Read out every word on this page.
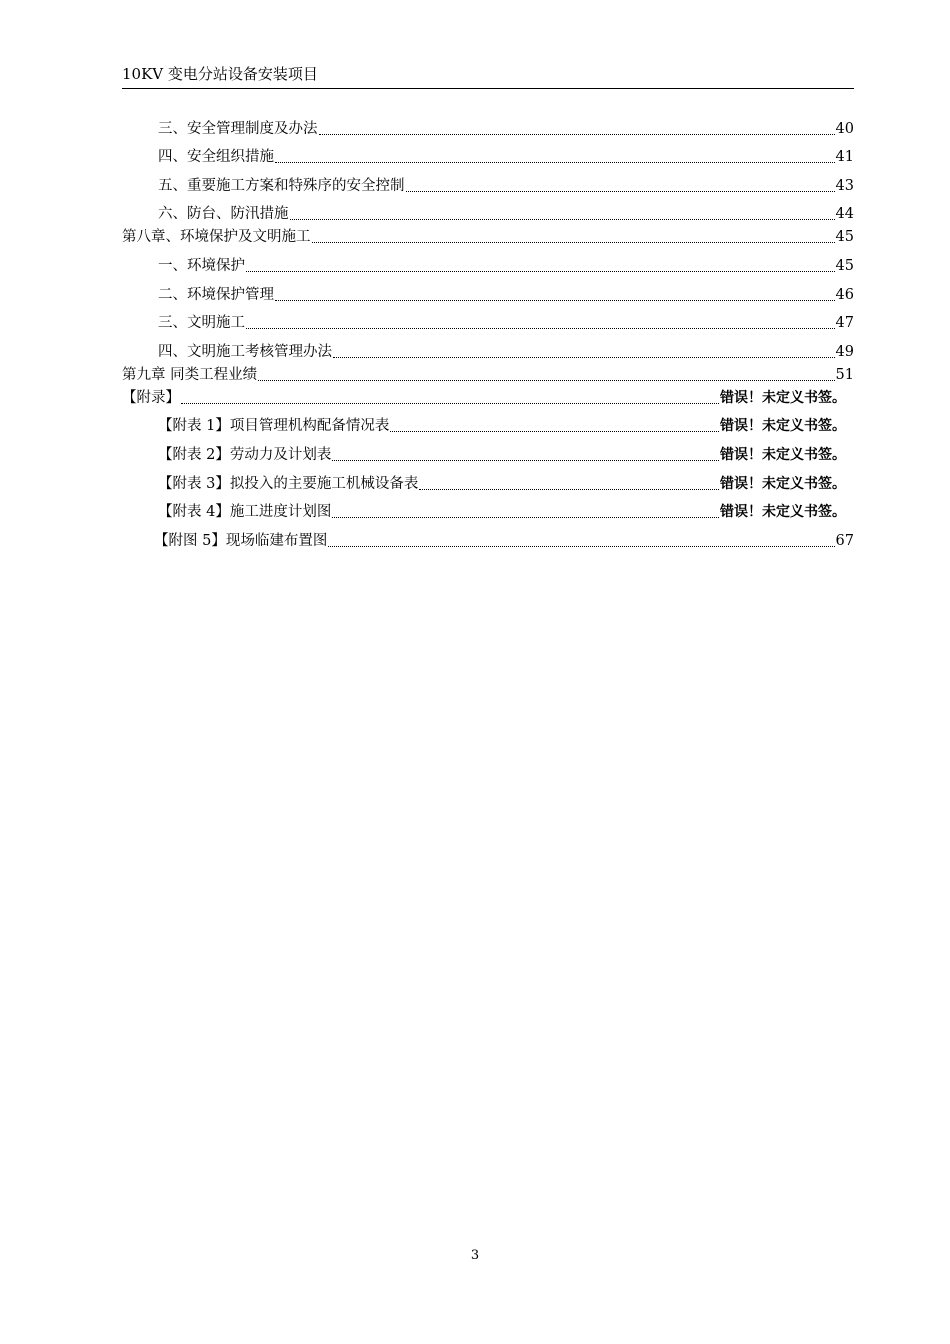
10KV 变电分站设备安装项目
三、安全管理制度及办法	40
四、安全组织措施	41
五、重要施工方案和特殊序的安全控制	43
六、防台、防汛措施	44
第八章、环境保护及文明施工	45
一、环境保护	45
二、环境保护管理	46
三、文明施工	47
四、文明施工考核管理办法	49
第九章 同类工程业绩	51
【附录】	错误！未定义书签。
【附表 1】项目管理机构配备情况表	错误！未定义书签。
【附表 2】劳动力及计划表	错误！未定义书签。
【附表 3】拟投入的主要施工机械设备表	错误！未定义书签。
【附表 4】施工进度计划图	错误！未定义书签。
【附图 5】现场临建布置图	67
3
